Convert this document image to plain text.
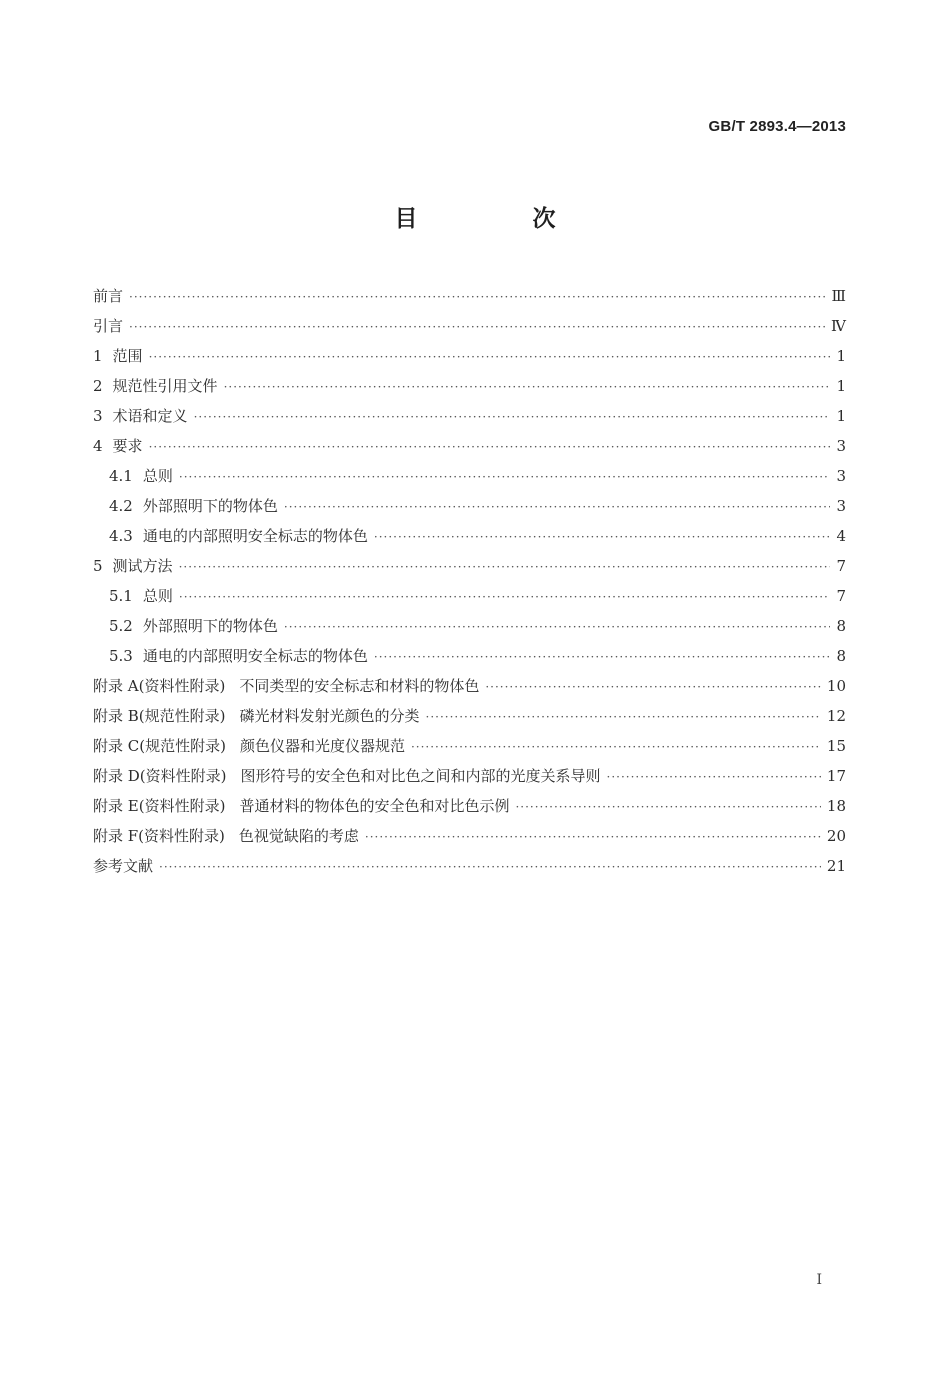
GB/T 2893.4—2013
目　次
前言 ·····	Ⅲ
引言 ·····	Ⅳ
1 范围 ·····	1
2 规范性引用文件 ·····	1
3 术语和定义 ·····	1
4 要求 ·····	3
4.1 总则 ·····	3
4.2 外部照明下的物体色 ·····	3
4.3 通电的内部照明安全标志的物体色 ·····	4
5 测试方法 ·····	7
5.1 总则 ·····	7
5.2 外部照明下的物体色 ·····	8
5.3 通电的内部照明安全标志的物体色 ·····	8
附录 A(资料性附录) 不同类型的安全标志和材料的物体色 ·····	10
附录 B(规范性附录) 磷光材料发射光颜色的分类 ·····	12
附录 C(规范性附录) 颜色仪器和光度仪器规范 ·····	15
附录 D(资料性附录) 图形符号的安全色和对比色之间和内部的光度关系导则 ·····	17
附录 E(资料性附录) 普通材料的物体色的安全色和对比色示例 ·····	18
附录 F(资料性附录) 色视觉缺陷的考虑 ·····	20
参考文献 ·····	21
I
